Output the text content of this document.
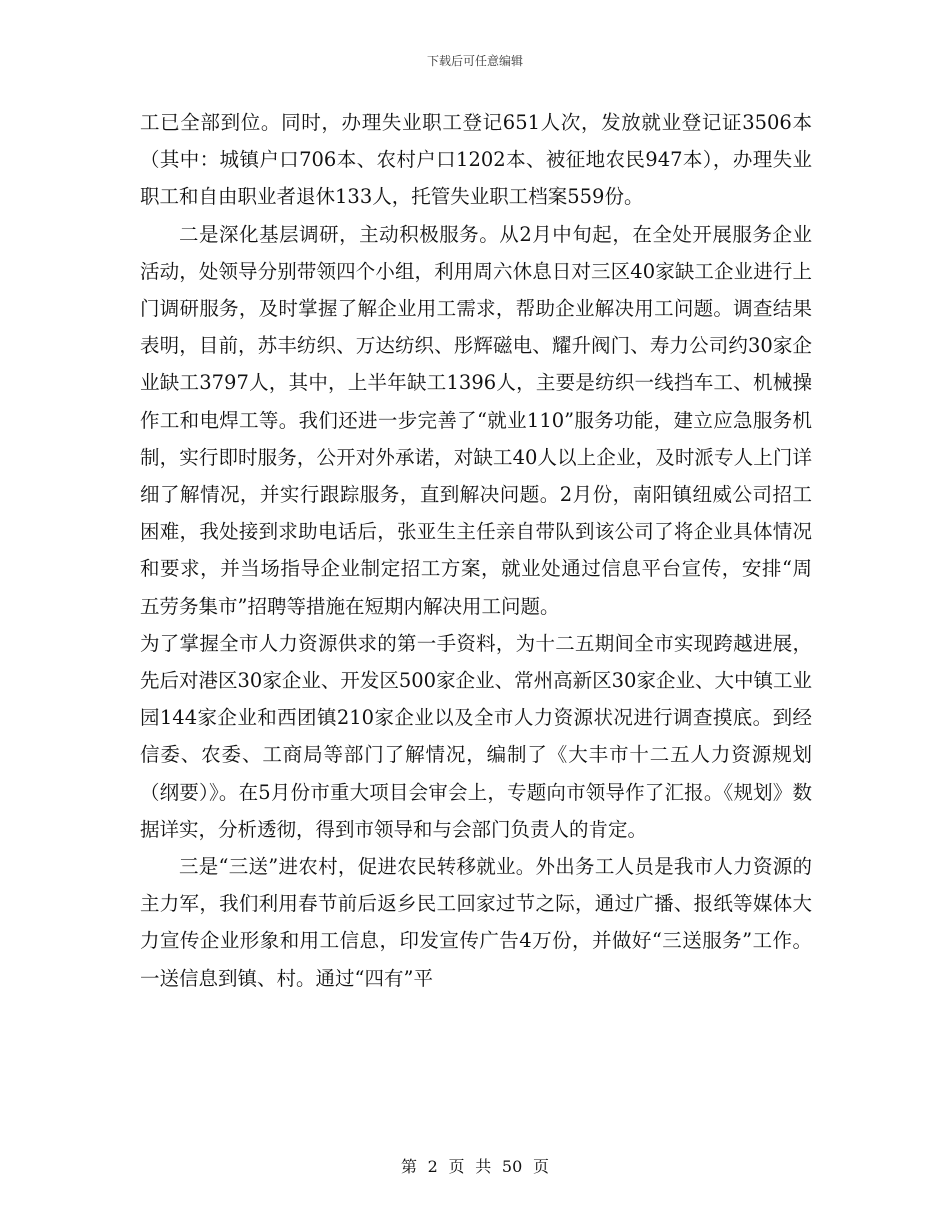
下载后可任意编辑

工已全部到位。同时，办理失业职工登记651人次，发放就业登记证3506本（其中：城镇户口706本、农村户口1202本、被征地农民947本），办理失业职工和自由职业者退休133人，托管失业职工档案559份。

二是深化基层调研，主动积极服务。从2月中旬起，在全处开展服务企业活动，处领导分别带领四个小组，利用周六休息日对三区40家缺工企业进行上门调研服务，及时掌握了解企业用工需求，帮助企业解决用工问题。调查结果表明，目前，苏丰纺织、万达纺织、彤辉磁电、耀升阀门、寿力公司约30家企业缺工3797人，其中，上半年缺工1396人，主要是纺织一线挡车工、机械操作工和电焊工等。我们还进一步完善了“就业110”服务功能，建立应急服务机制，实行即时服务，公开对外承诺，对缺工40人以上企业，及时派专人上门详细了解情况，并实行跟踪服务，直到解决问题。2月份，南阳镇纽威公司招工困难，我处接到求助电话后，张亚生主任亲自带队到该公司了将企业具体情况和要求，并当场指导企业制定招工方案，就业处通过信息平台宣传，安排“周五劳务集市”招聘等措施在短期内解决用工问题。

为了掌握全市人力资源供求的第一手资料，为十二五期间全市实现跨越进展，先后对港区30家企业、开发区500家企业、常州高新区30家企业、大中镇工业园144家企业和西团镇210家企业以及全市人力资源状况进行调查摸底。到经信委、农委、工商局等部门了解情况，编制了《大丰市十二五人力资源规划（纲要）》。在5月份市重大项目会审会上，专题向市领导作了汇报。《规划》数据详实，分析透彻，得到市领导和与会部门负责人的肯定。

三是“三送”进农村，促进农民转移就业。外出务工人员是我市人力资源的主力军，我们利用春节前后返乡民工回家过节之际，通过广播、报纸等媒体大力宣传企业形象和用工信息，印发宣传广告4万份，并做好“三送服务”工作。一送信息到镇、村。通过“四有”平

第 2 页 共 50 页
